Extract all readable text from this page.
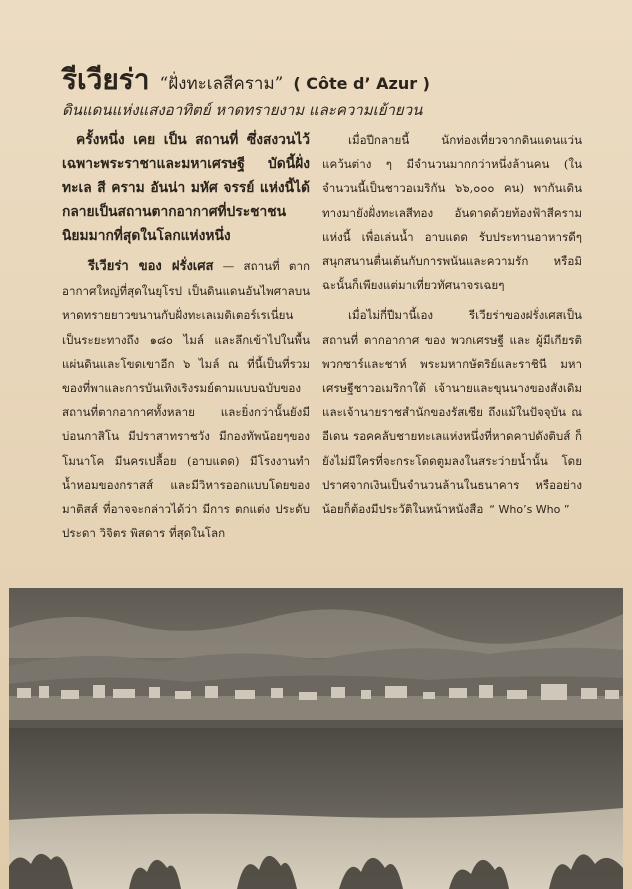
รีเวียร่า “ฝั่งทะเลสีคราม” ( Côte d’ Azur )
ดินแดนแห่งแสงอาทิตย์ หาดทรายงาม และความเย้ายวน

ครั้งหนึ่ง เคย เป็น สถานที่ ซึ่งสงวนไว้เฉพาะพระราชาและมหาเศรษฐี บัดนี้ฝั่งทะเล สี คราม อันน่า มหัศ จรรย์ แห่งนี้ได้กลายเป็นสถานตากอากาศที่ประชาชนนิยมมากที่สุดในโลกแห่งหนึ่ง

รีเวียร่า ของ ฝรั่งเศส — สถานที่ ตากอากาศใหญ่ที่สุดในยุโรป เป็นดินแดนอันไพศาลบนหาดทรายยาวขนานกับฝั่งทะเลเมดิเตอร์เรเนี่ยนเป็นระยะทางถึง ๑๘๐ ไมล์ และลึกเข้าไปในพื้นแผ่นดินและโขดเขาอีก ๖ ไมล์ ณ ที่นี้เป็นที่รวมของที่พาและการบันเทิงเริงรมย์ตามแบบฉบับของสถานที่ตากอากาศทั้งหลาย และยิ่งกว่านั้นยังมีบ่อนกาสิโน มีปราสาทราชวัง มีกองทัพน้อยๆของโมนาโค มีนครเปลื้อย (อาบแดด) มีโรงงานทำน้ำหอมของกราสส์ และมีวิหารออกแบบโดยของ มาติสส์ ที่อาจจะกล่าวได้ว่า มีการ ตกแต่ง ประดับ ประดา วิจิตร พิสดาร ที่สุดในโลก

เมื่อปีกลายนี้ นักท่องเที่ยวจากดินแดนแว่นแคว้นต่าง ๆ มีจำนวนมากกว่าหนึ่งล้านคน (ในจำนวนนี้เป็นชาวอเมริกัน ๖๖,๐๐๐ คน) พากันเดินทางมายังฝั่งทะเลสีทอง อันดาดด้วยท้องฟ้าสีครามแห่งนี้ เพื่อเล่นน้ำ อาบแดด รับประทานอาหารดีๆ สนุกสนานตื่นเต้นกับการพนันและความรัก หรือมิฉะนั้นก็เพียงแต่มาเที่ยวทัศนาจรเฉยๆ

เมื่อไม่กี่ปีมานี้เอง รีเวียร่าของฝรั่งเศสเป็น สถานที่ ตากอากาศ ของ พวกเศรษฐี และ ผู้มีเกียรติ พวกซาร์และชาห์ พระมหากษัตริย์และราชินี มหาเศรษฐีชาวอเมริกาใต้ เจ้านายและขุนนางของสังเดิม และเจ้านายราชสำนักของรัสเซีย ถึงแม้ในปัจจุบัน ณ อีเดน รอคคลับชายทะเลแห่งหนึ่งที่หาดคาปดังติบส์ ก็ยังไม่มีใครที่จะกระโดดตูมลงในสระว่ายน้ำนั้น โดยปราศจากเงินเป็นจำนวนล้านในธนาคาร หรืออย่างน้อยก็ต้องมีประวัติในหน้าหนังสือ “ Who’s Who ”
